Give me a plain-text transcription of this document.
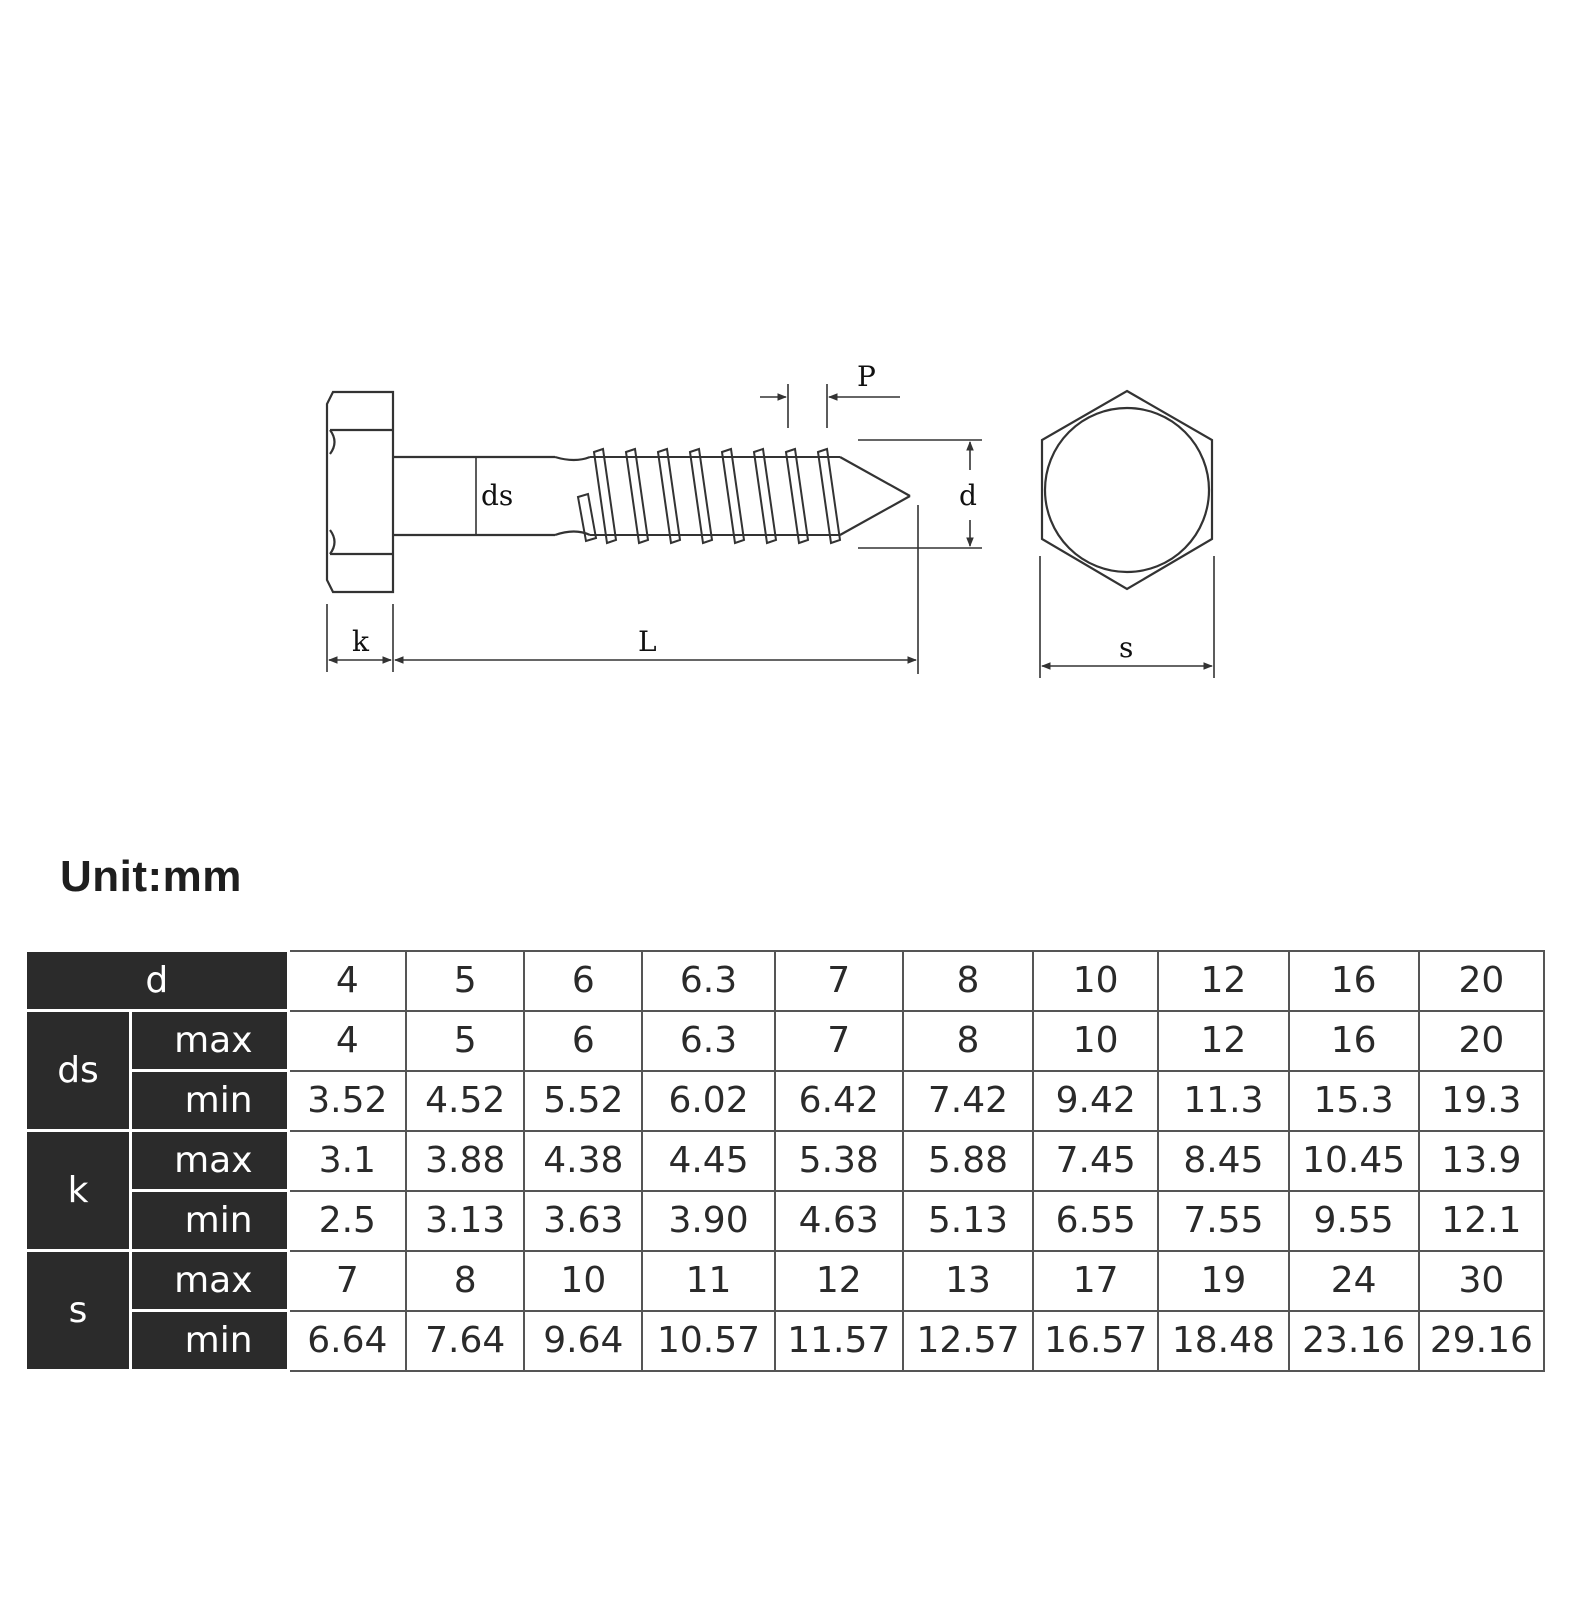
P
ds	d
k	L	s
Unit:mm
d		4	5	6	6.3	7	8	10	12	16	20
ds	max	4	5	6	6.3	7	8	10	12	16	20
	min	3.52	4.52	5.52	6.02	6.42	7.42	9.42	11.3	15.3	19.3
k	max	3.1	3.88	4.38	4.45	5.38	5.88	7.45	8.45	10.45	13.9
	min	2.5	3.13	3.63	3.90	4.63	5.13	6.55	7.55	9.55	12.1
s	max	7	8	10	11	12	13	17	19	24	30
	min	6.64	7.64	9.64	10.57	11.57	12.57	16.57	18.48	23.16	29.16
